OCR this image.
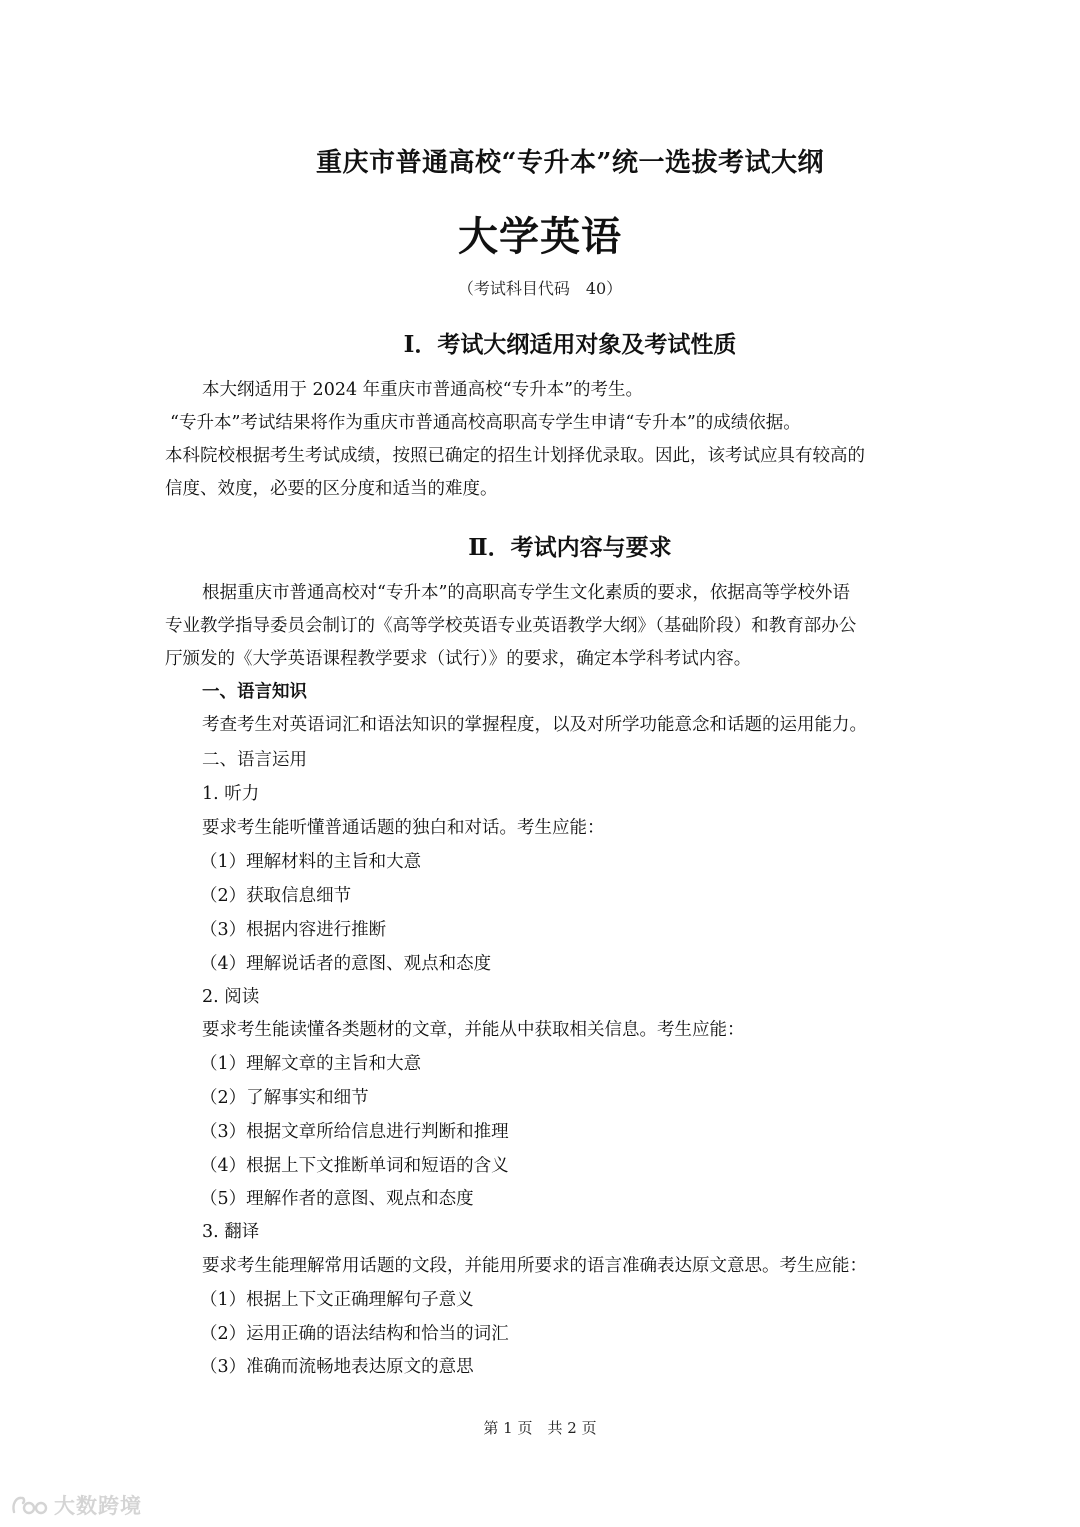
重庆市普通高校“专升本”统一选拔考试大纲
大学英语
（考试科目代码　40）
Ⅰ．考试大纲适用对象及考试性质
本大纲适用于 2024 年重庆市普通高校“专升本”的考生。
“专升本”考试结果将作为重庆市普通高校高职高专学生申请“专升本”的成绩依据。
本科院校根据考生考试成绩，按照已确定的招生计划择优录取。因此，该考试应具有较高的
信度、效度，必要的区分度和适当的难度。
Ⅱ．考试内容与要求
根据重庆市普通高校对“专升本”的高职高专学生文化素质的要求，依据高等学校外语
专业教学指导委员会制订的《高等学校英语专业英语教学大纲》（基础阶段）和教育部办公
厅颁发的《大学英语课程教学要求（试行）》的要求，确定本学科考试内容。
一、语言知识
考查考生对英语词汇和语法知识的掌握程度，以及对所学功能意念和话题的运用能力。
二、语言运用
1. 听力
要求考生能听懂普通话题的独白和对话。考生应能：
（1）理解材料的主旨和大意
（2）获取信息细节
（3）根据内容进行推断
（4）理解说话者的意图、观点和态度
2. 阅读
要求考生能读懂各类题材的文章，并能从中获取相关信息。考生应能：
（1）理解文章的主旨和大意
（2）了解事实和细节
（3）根据文章所给信息进行判断和推理
（4）根据上下文推断单词和短语的含义
（5）理解作者的意图、观点和态度
3. 翻译
要求考生能理解常用话题的文段，并能用所要求的语言准确表达原文意思。考生应能：
（1）根据上下文正确理解句子意义
（2）运用正确的语法结构和恰当的词汇
（3）准确而流畅地表达原文的意思
第 1 页　共 2 页
大数跨境
